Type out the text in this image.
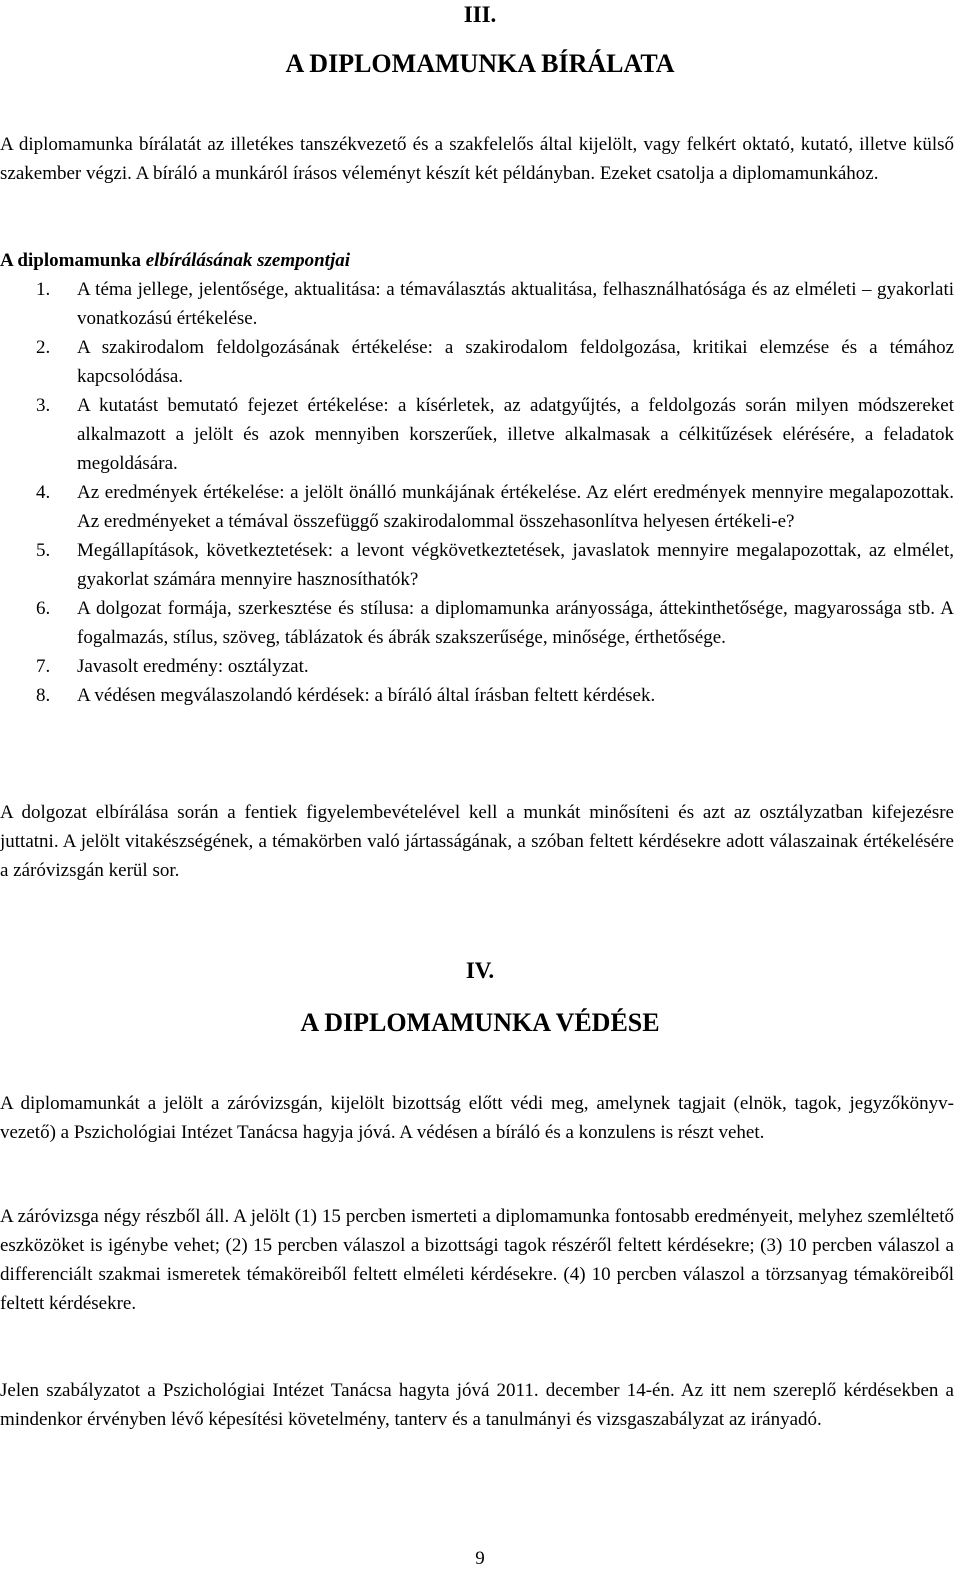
III.
A DIPLOMAMUNKA BÍRÁLATA
A diplomamunka bírálatát az illetékes tanszékvezető és a szakfelelős által kijelölt, vagy felkért oktató, kutató, illetve külső szakember végzi. A bíráló a munkáról írásos véleményt készít két példányban. Ezeket csatolja a diplomamunkához.
A diplomamunka elbírálásának szempontjai
1. A téma jellege, jelentősége, aktualitása: a témaválasztás aktualitása, felhasználhatósága és az elméleti – gyakorlati vonatkozású értékelése.
2. A szakirodalom feldolgozásának értékelése: a szakirodalom feldolgozása, kritikai elemzése és a témához kapcsolódása.
3. A kutatást bemutató fejezet értékelése: a kísérletek, az adatgyűjtés, a feldolgozás során milyen módszereket alkalmazott a jelölt és azok mennyiben korszerűek, illetve alkalmasak a célkitűzések elérésére, a feladatok megoldására.
4. Az eredmények értékelése: a jelölt önálló munkájának értékelése. Az elért eredmények mennyire megalapozottak. Az eredményeket a témával összefüggő szakirodalommal összehasonlítva helyesen értékeli-e?
5. Megállapítások, következtetések: a levont végkövetkeztetések, javaslatok mennyire megalapozottak, az elmélet, gyakorlat számára mennyire hasznosíthatók?
6. A dolgozat formája, szerkesztése és stílusa: a diplomamunka arányossága, áttekinthetősége, magyarossága stb. A fogalmazás, stílus, szöveg, táblázatok és ábrák szakszerűsége, minősége, érthetősége.
7. Javasolt eredmény: osztályzat.
8. A védésen megválaszolandó kérdések: a bíráló által írásban feltett kérdések.
A dolgozat elbírálása során a fentiek figyelembevételével kell a munkát minősíteni és azt az osztályzatban kifejezésre juttatni. A jelölt vitakészségének, a témakörben való jártasságának, a szóban feltett kérdésekre adott válaszainak értékelésére a záróvizsgán kerül sor.
IV.
A DIPLOMAMUNKA VÉDÉSE
A diplomamunkát a jelölt a záróvizsgán, kijelölt bizottság előtt védi meg, amelynek tagjait (elnök, tagok, jegyzőkönyv-vezető) a Pszichológiai Intézet Tanácsa hagyja jóvá. A védésen a bíráló és a konzulens is részt vehet.
A záróvizsga négy részből áll. A jelölt (1) 15 percben ismerteti a diplomamunka fontosabb eredményeit, melyhez szemléltető eszközöket is igénybe vehet; (2) 15 percben válaszol a bizottsági tagok részéről feltett kérdésekre; (3) 10 percben válaszol a differenciált szakmai ismeretek témaköreiből feltett elméleti kérdésekre. (4) 10 percben válaszol a törzsanyag témaköreiből feltett kérdésekre.
Jelen szabályzatot a Pszichológiai Intézet Tanácsa hagyta jóvá 2011. december 14-én. Az itt nem szereplő kérdésekben a mindenkor érvényben lévő képesítési követelmény, tanterv és a tanulmányi és vizsgaszabályzat az irányadó.
9
